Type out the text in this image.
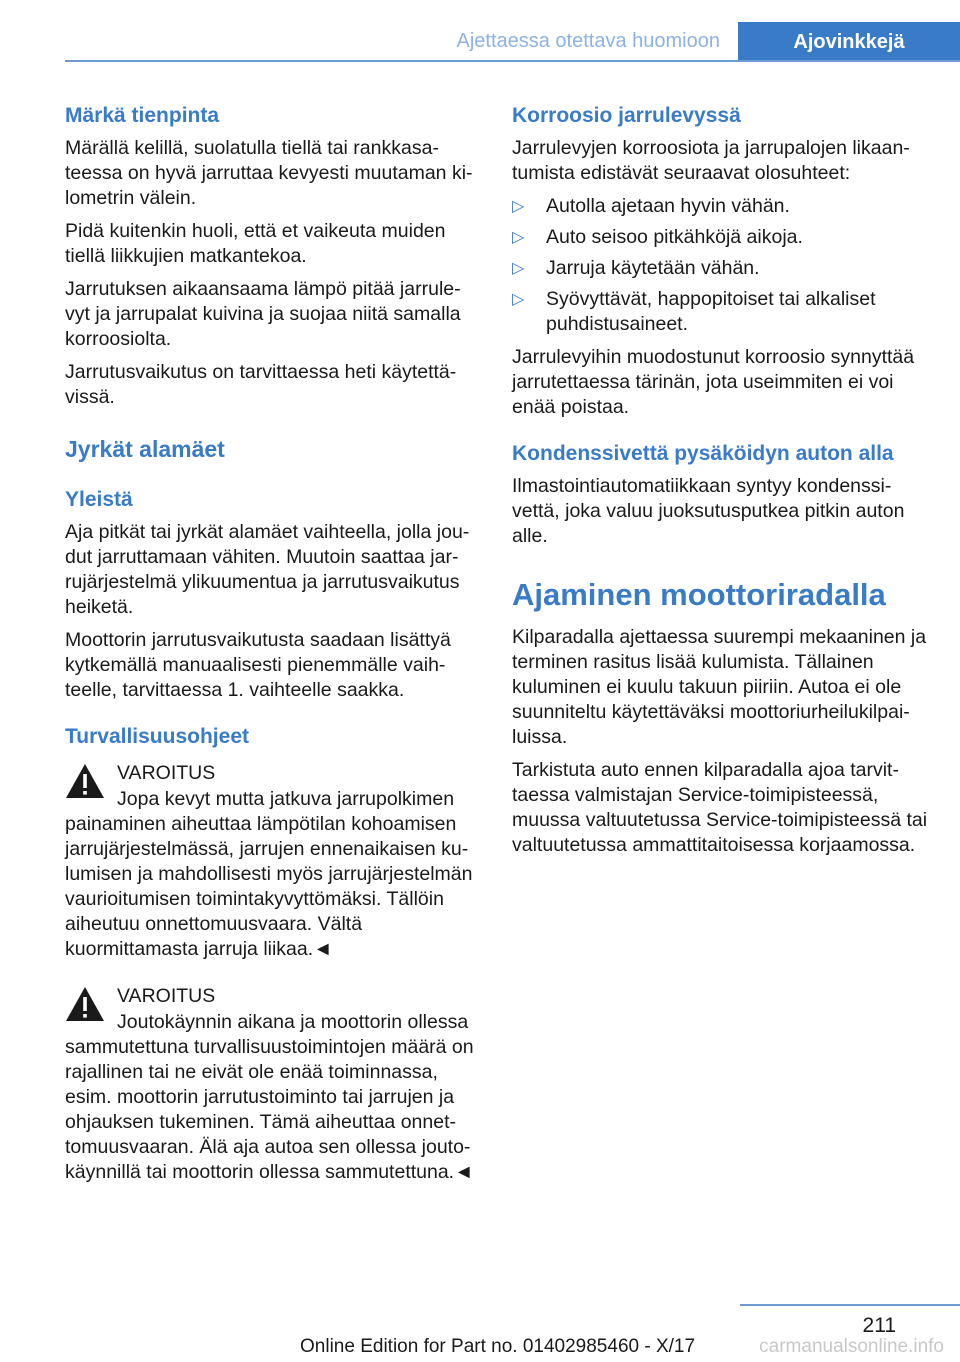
Ajettaessa otettava huomioon	Ajovinkkejä
Märkä tienpinta

Märällä kelillä, suolatulla tiellä tai rankkasateessa on hyvä jarruttaa kevyesti muutaman kilometrin välein.

Pidä kuitenkin huoli, että et vaikeuta muiden tiellä liikkujien matkantekoa.

Jarrutuksen aikaansaama lämpö pitää jarrulevyt ja jarrupalat kuivina ja suojaa niitä samalla korroosiolta.

Jarrutusvaikutus on tarvittaessa heti käytettävissä.

Jyrkät alamäet
Yleistä

Aja pitkät tai jyrkät alamäet vaihteella, jolla joudut jarruttamaan vähiten. Muutoin saattaa jarrujärjestelmä ylikuumentua ja jarrutusvaikutus heiketä.

Moottorin jarrutusvaikutusta saadaan lisättyä kytkemällä manuaalisesti pienemmälle vaihteelle, tarvittaessa 1. vaihteelle saakka.

Turvallisuusohjeet
VAROITUS

Jopa kevyt mutta jatkuva jarrupolkimen

painaminen aiheuttaa lämpötilan kohoamisen jarrujärjestelmässä, jarrujen ennenaikaisen kulumisen ja mahdollisesti myös jarrujärjestelmän vaurioitumisen toimintakyvyttömäksi. Tällöin aiheutuu onnettomuusvaara. Vältä kuormittamasta jarruja liikaa.◄

VAROITUS

Joutokäynnin aikana ja moottorin ollessa

sammutettuna turvallisuustoimintojen määrä on rajallinen tai ne eivät ole enää toiminnassa, esim. moottorin jarrutustoiminto tai jarrujen ja ohjauksen tukeminen. Tämä aiheuttaa onnettomuusvaaran. Älä aja autoa sen ollessa joutokäynnillä tai moottorin ollessa sammutettuna.◄

Korroosio jarrulevyssä

Jarrulevyjen korroosiota ja jarrupalojen likaantumista edistävät seuraavat olosuhteet:

▷ Autolla ajetaan hyvin vähän.
▷ Auto seisoo pitkähköjä aikoja.
▷ Jarruja käytetään vähän.
▷ Syövyttävät, happopitoiset tai alkaliset puhdistusaineet.

Jarrulevyihin muodostunut korroosio synnyttää jarrutettaessa tärinän, jota useimmiten ei voi enää poistaa.

Kondenssivettä pysäköidyn auton alla

Ilmastointiautomatiikkaan syntyy kondenssivettä, joka valuu juoksutusputkea pitkin auton alle.

Ajaminen moottoriradalla

Kilparadalla ajettaessa suurempi mekaaninen ja terminen rasitus lisää kulumista. Tällainen kuluminen ei kuulu takuun piiriin. Autoa ei ole suunniteltu käytettäväksi moottoriurheilukilpailuissa.

Tarkistuta auto ennen kilparadalla ajoa tarvittaessa valmistajan Service-toimipisteessä, muussa valtuutetussa Service-toimipisteessä tai valtuutetussa ammattitaitoisessa korjaamossa.

211
Online Edition for Part no. 01402985460 - X/17	carmanualsonline.info
